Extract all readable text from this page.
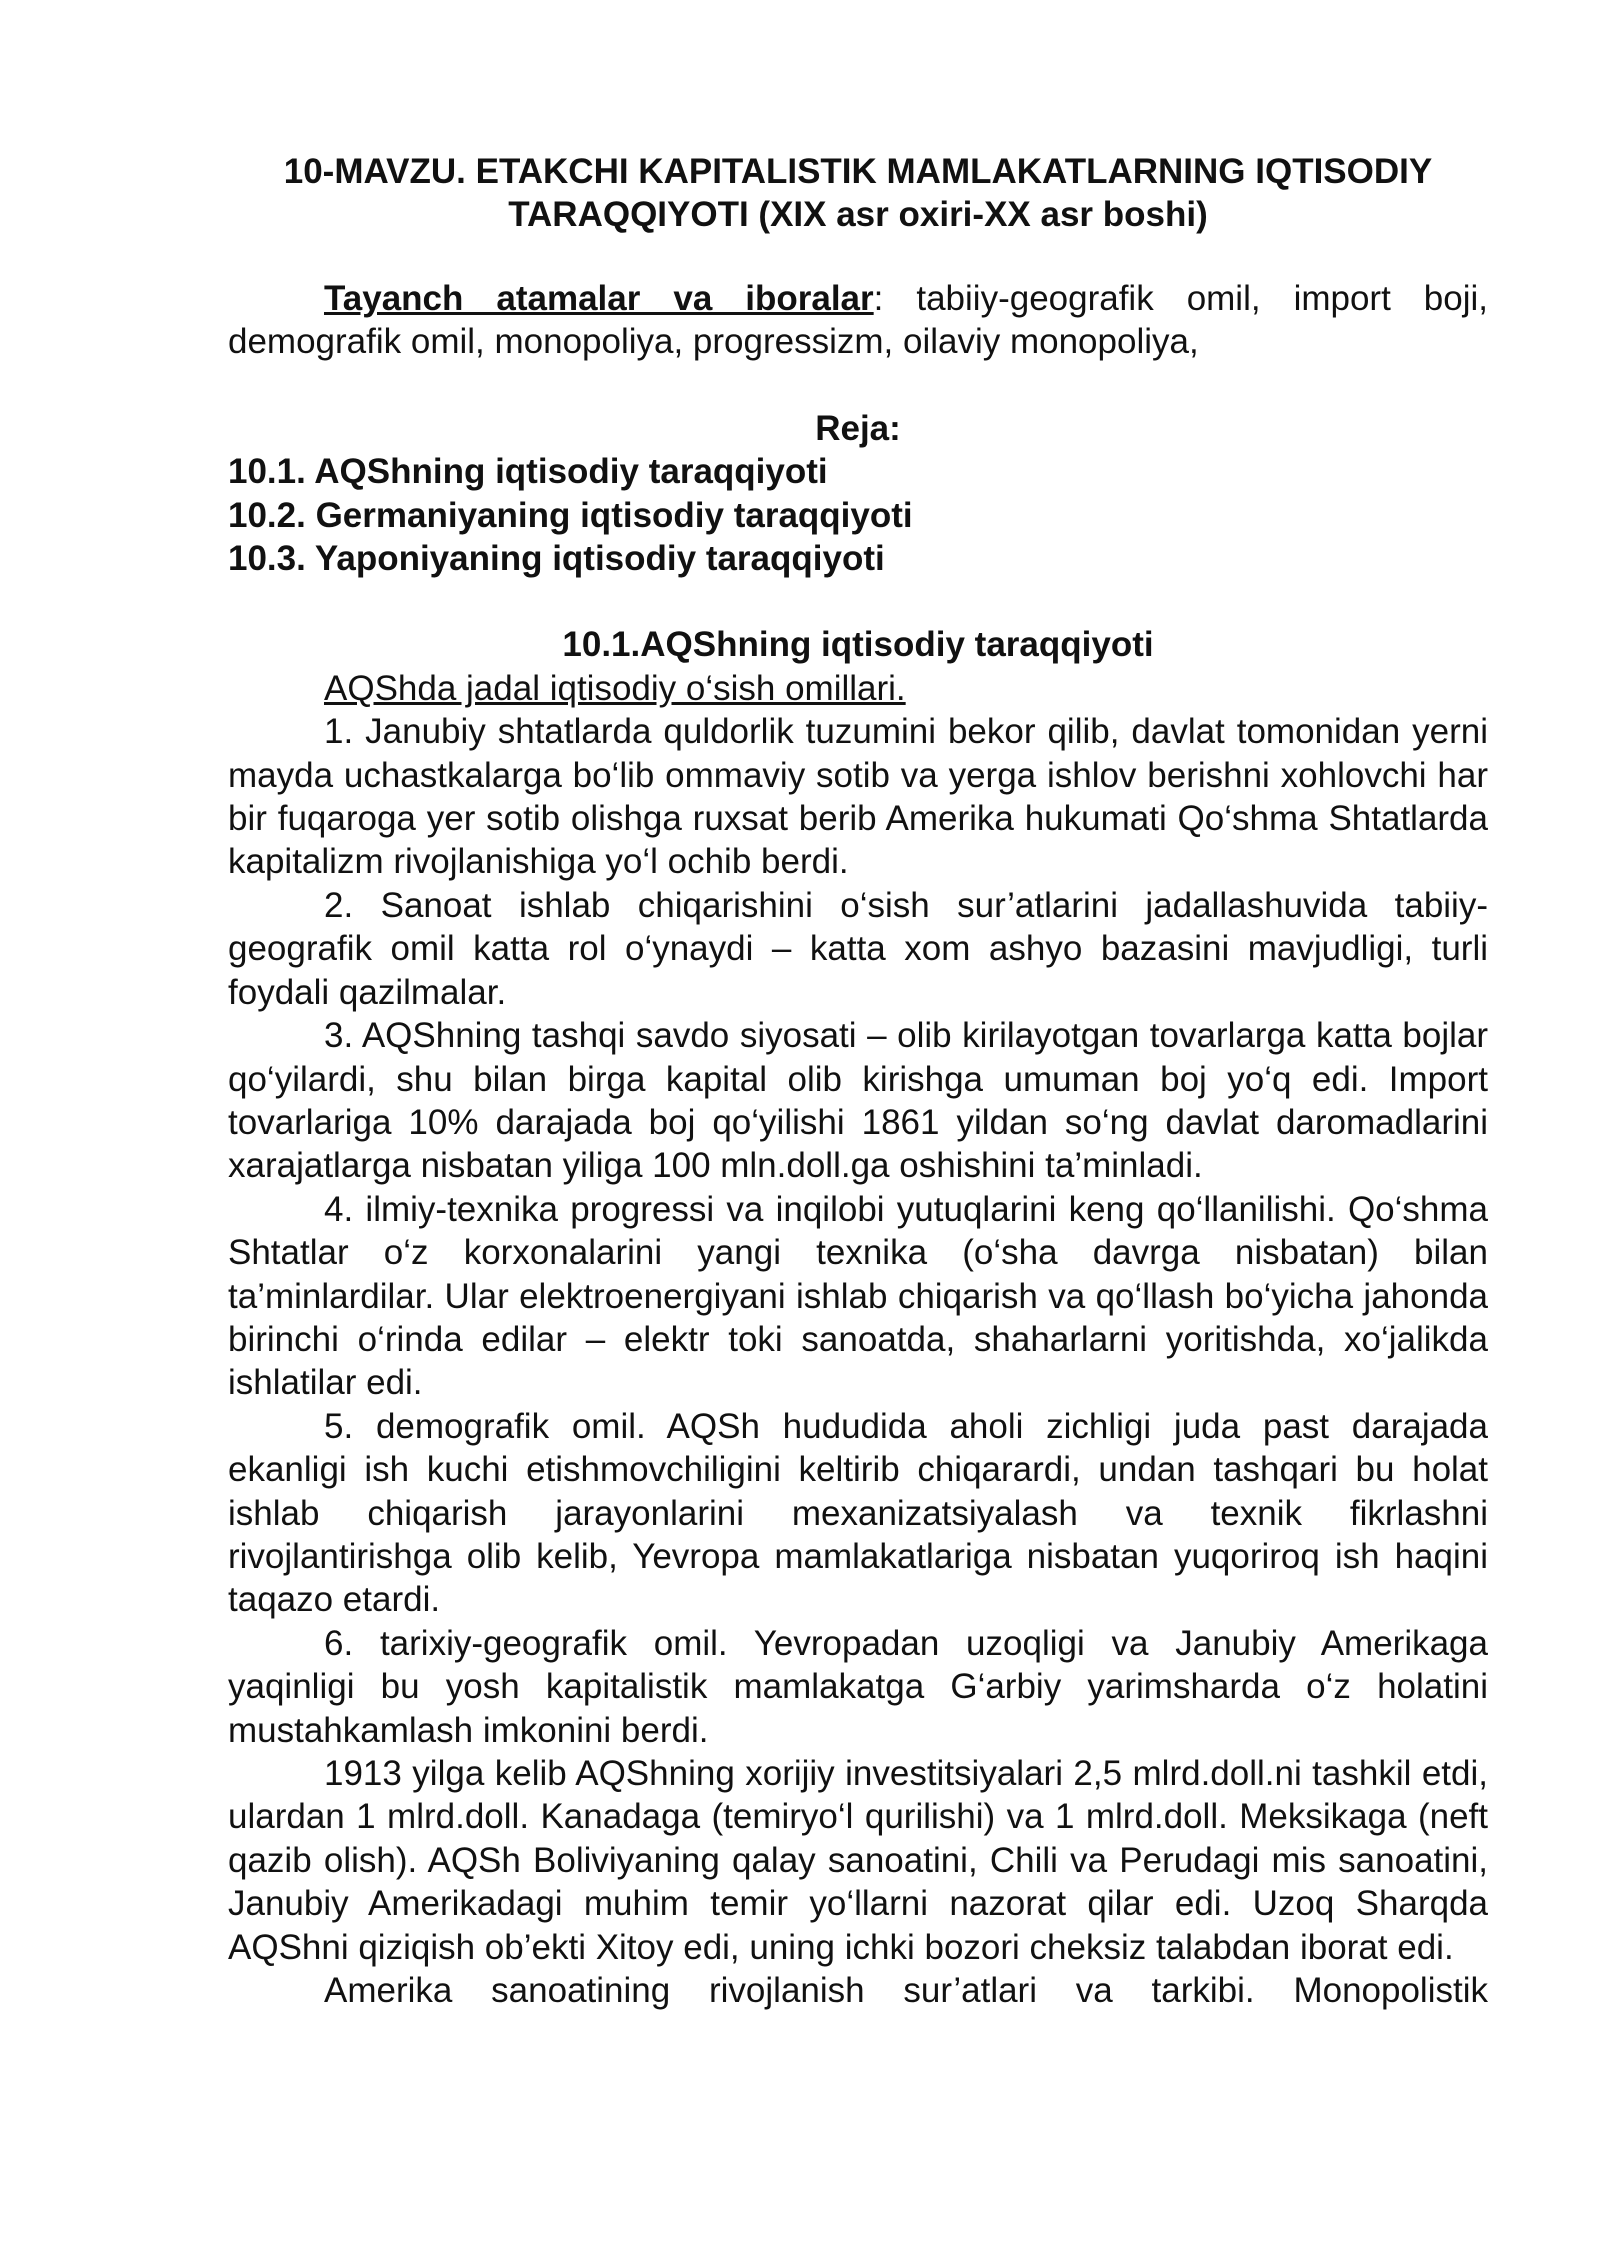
10-MAVZU. ETAKCHI KAPITALISTIK MAMLAKATLARNING IQTISODIY
TARAQQIYOTI (XIX asr oxiri-XX asr boshi)
Tayanch atamalar va iboralar: tabiiy-geografik omil, import boji, demografik omil, monopoliya, progressizm, oilaviy monopoliya,
Reja:
10.1. AQShning iqtisodiy taraqqiyoti
10.2. Germaniyaning iqtisodiy taraqqiyoti
10.3. Yaponiyaning iqtisodiy taraqqiyoti
10.1.AQShning iqtisodiy taraqqiyoti
AQShda jadal iqtisodiy o‘sish omillari.

1. Janubiy shtatlarda quldorlik tuzumini bekor qilib, davlat tomonidan yerni mayda uchastkalarga bo‘lib ommaviy sotib va yerga ishlov berishni xohlovchi har bir fuqaroga yer sotib olishga ruxsat berib Amerika hukumati Qo‘shma Shtatlarda kapitalizm rivojlanishiga yo‘l ochib berdi.

2. Sanoat ishlab chiqarishini o‘sish sur’atlarini jadallashuvida tabiiy-geografik omil katta rol o‘ynaydi – katta xom ashyo bazasini mavjudligi, turli foydali qazilmalar.

3. AQShning tashqi savdo siyosati – olib kirilayotgan tovarlarga katta bojlar qo‘yilardi, shu bilan birga kapital olib kirishga umuman boj yo‘q edi. Import tovarlariga 10% darajada boj qo‘yilishi 1861 yildan so‘ng davlat daromadlarini xarajatlarga nisbatan yiliga 100 mln.doll.ga oshishini ta’minladi.

4. ilmiy-texnika progressi va inqilobi yutuqlarini keng qo‘llanilishi. Qo‘shma Shtatlar o‘z korxonalarini yangi texnika (o‘sha davrga nisbatan) bilan ta’minlardilar. Ular elektroenergiyani ishlab chiqarish va qo‘llash bo‘yicha jahonda birinchi o‘rinda edilar – elektr toki sanoatda, shaharlarni yoritishda, xo‘jalikda ishlatilar edi.

5. demografik omil. AQSh hududida aholi zichligi juda past darajada ekanligi ish kuchi etishmovchiligini keltirib chiqarardi, undan tashqari bu holat ishlab chiqarish jarayonlarini mexanizatsiyalash va texnik fikrlashni rivojlantirishga olib kelib, Yevropa mamlakatlariga nisbatan yuqoriroq ish haqini taqazo etardi.

6. tarixiy-geografik omil. Yevropadan uzoqligi va Janubiy Amerikaga yaqinligi bu yosh kapitalistik mamlakatga G‘arbiy yarimsharda o‘z holatini mustahkamlash imkonini berdi.

1913 yilga kelib AQShning xorijiy investitsiyalari 2,5 mlrd.doll.ni tashkil etdi, ulardan 1 mlrd.doll. Kanadaga (temiryo‘l qurilishi) va 1 mlrd.doll. Meksikaga (neft qazib olish). AQSh Boliviyaning qalay sanoatini, Chili va Perudagi mis sanoatini, Janubiy Amerikadagi muhim temir yo‘llarni nazorat qilar edi. Uzoq Sharqda AQShni qiziqish ob’ekti Xitoy edi, uning ichki bozori cheksiz talabdan iborat edi.

Amerika sanoatining rivojlanish sur’atlari va tarkibi. Monopolistik
